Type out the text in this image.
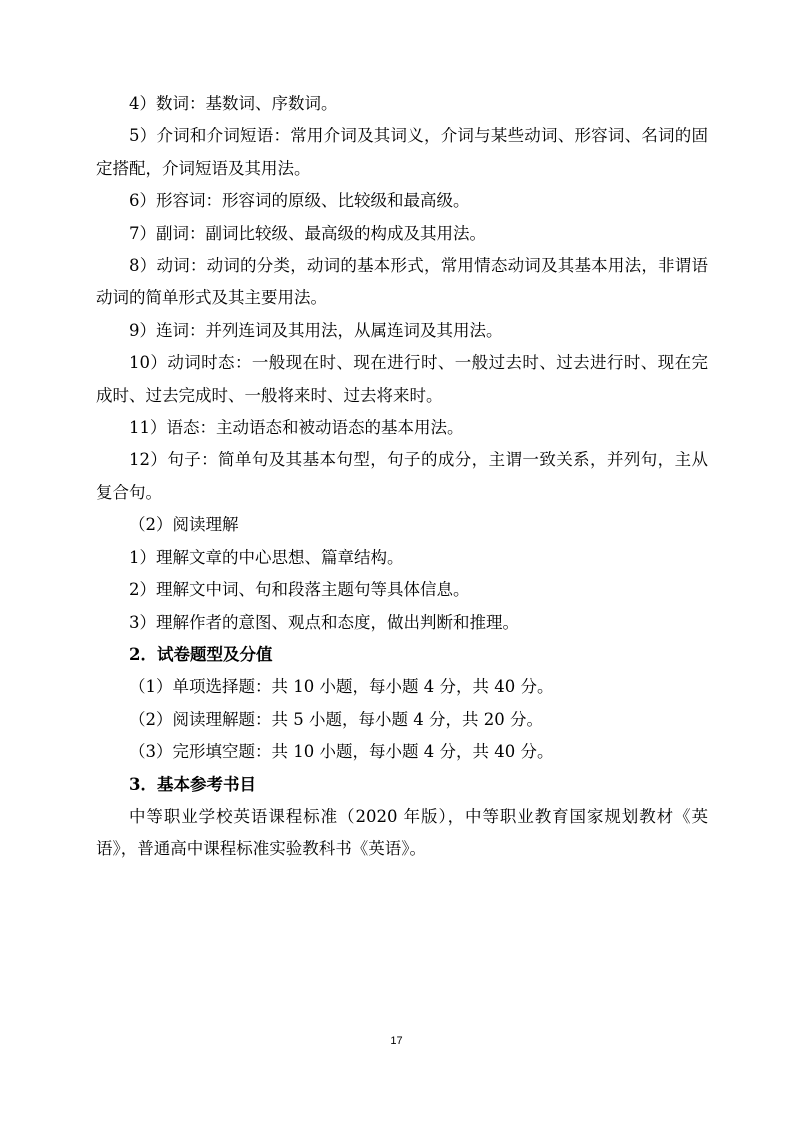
4）数词：基数词、序数词。

5）介词和介词短语：常用介词及其词义，介词与某些动词、形容词、名词的固定搭配，介词短语及其用法。

6）形容词：形容词的原级、比较级和最高级。

7）副词：副词比较级、最高级的构成及其用法。

8）动词：动词的分类，动词的基本形式，常用情态动词及其基本用法，非谓语动词的简单形式及其主要用法。

9）连词：并列连词及其用法，从属连词及其用法。

10）动词时态：一般现在时、现在进行时、一般过去时、过去进行时、现在完成时、过去完成时、一般将来时、过去将来时。

11）语态：主动语态和被动语态的基本用法。

12）句子：简单句及其基本句型，句子的成分，主谓一致关系，并列句，主从复合句。

（2）阅读理解

1）理解文章的中心思想、篇章结构。

2）理解文中词、句和段落主题句等具体信息。

3）理解作者的意图、观点和态度，做出判断和推理。

2．试卷题型及分值

（1）单项选择题：共 10 小题，每小题 4 分，共 40 分。

（2）阅读理解题：共 5 小题，每小题 4 分，共 20 分。

（3）完形填空题：共 10 小题，每小题 4 分，共 40 分。

3．基本参考书目

中等职业学校英语课程标准（2020 年版），中等职业教育国家规划教材《英语》，普通高中课程标准实验教科书《英语》。

17
